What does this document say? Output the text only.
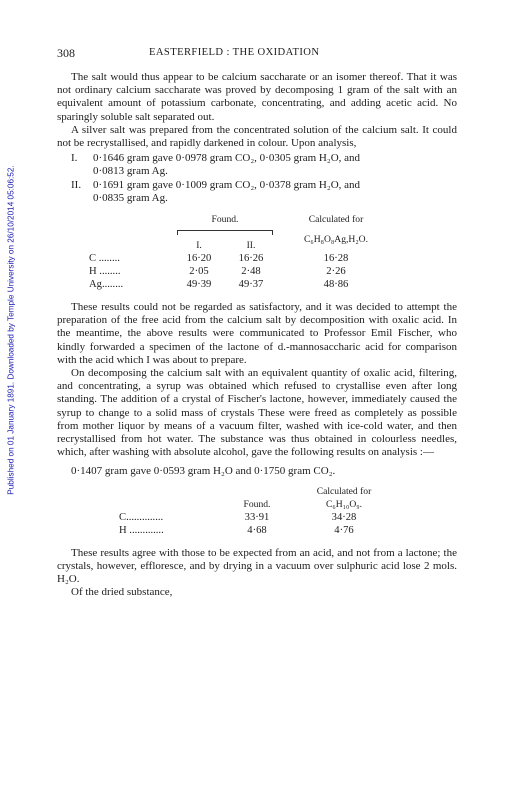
Published on 01 January 1891. Downloaded by Temple University on 26/10/2014 05:06:52.
308	EASTERFIELD : THE OXIDATION

The salt would thus appear to be calcium saccharate or an isomer thereof. That it was not ordinary calcium saccharate was proved by decomposing 1 gram of the salt with an equivalent amount of potassium carbonate, concentrating, and adding acetic acid. No sparingly soluble salt separated out.

A silver salt was prepared from the concentrated solution of the calcium salt. It could not be recrystallised, and rapidly darkened in colour. Upon analysis,

I. 0·1646 gram gave 0·0978 gram CO₂, 0·0305 gram H₂O, and

0·0813 gram Ag.

II. 0·1691 gram gave 0·1009 gram CO₂, 0·0378 gram H₂O, and

0·0835 gram Ag.

	Found.		Calculated for

		C₆H₈O₈Ag,H₂O.
	I.	II.	
C ........	16·20	16·26	16·28
H ........	2·05	2·48	2·26
Ag........	49·39	49·37	48·86

These results could not be regarded as satisfactory, and it was decided to attempt the preparation of the free acid from the calcium salt by decomposition with oxalic acid. In the meantime, the above results were communicated to Professor Emil Fischer, who kindly forwarded a specimen of the lactone of d.-mannosaccharic acid for comparison with the acid which I was about to prepare.

On decomposing the calcium salt with an equivalent quantity of oxalic acid, filtering, and concentrating, a syrup was obtained which refused to crystallise even after long standing. The addition of a crystal of Fischer's lactone, however, immediately caused the syrup to change to a solid mass of crystals These were freed as completely as possible from mother liquor by means of a vacuum filter, washed with ice-cold water, and then recrystallised from hot water. The substance was thus obtained in colourless needles, which, after washing with absolute alcohol, gave the following results on analysis :—

0·1407 gram gave 0·0593 gram H₂O and 0·1750 gram CO₂.

		Calculated for
	Found.	C₆H₁₀O₉.
C..............	33·91	34·28
H .............	4·68	4·76

These results agree with those to be expected from an acid, and not from a lactone; the crystals, however, effloresce, and by drying in a vacuum over sulphuric acid lose 2 mols. H₂O.

Of the dried substance,
